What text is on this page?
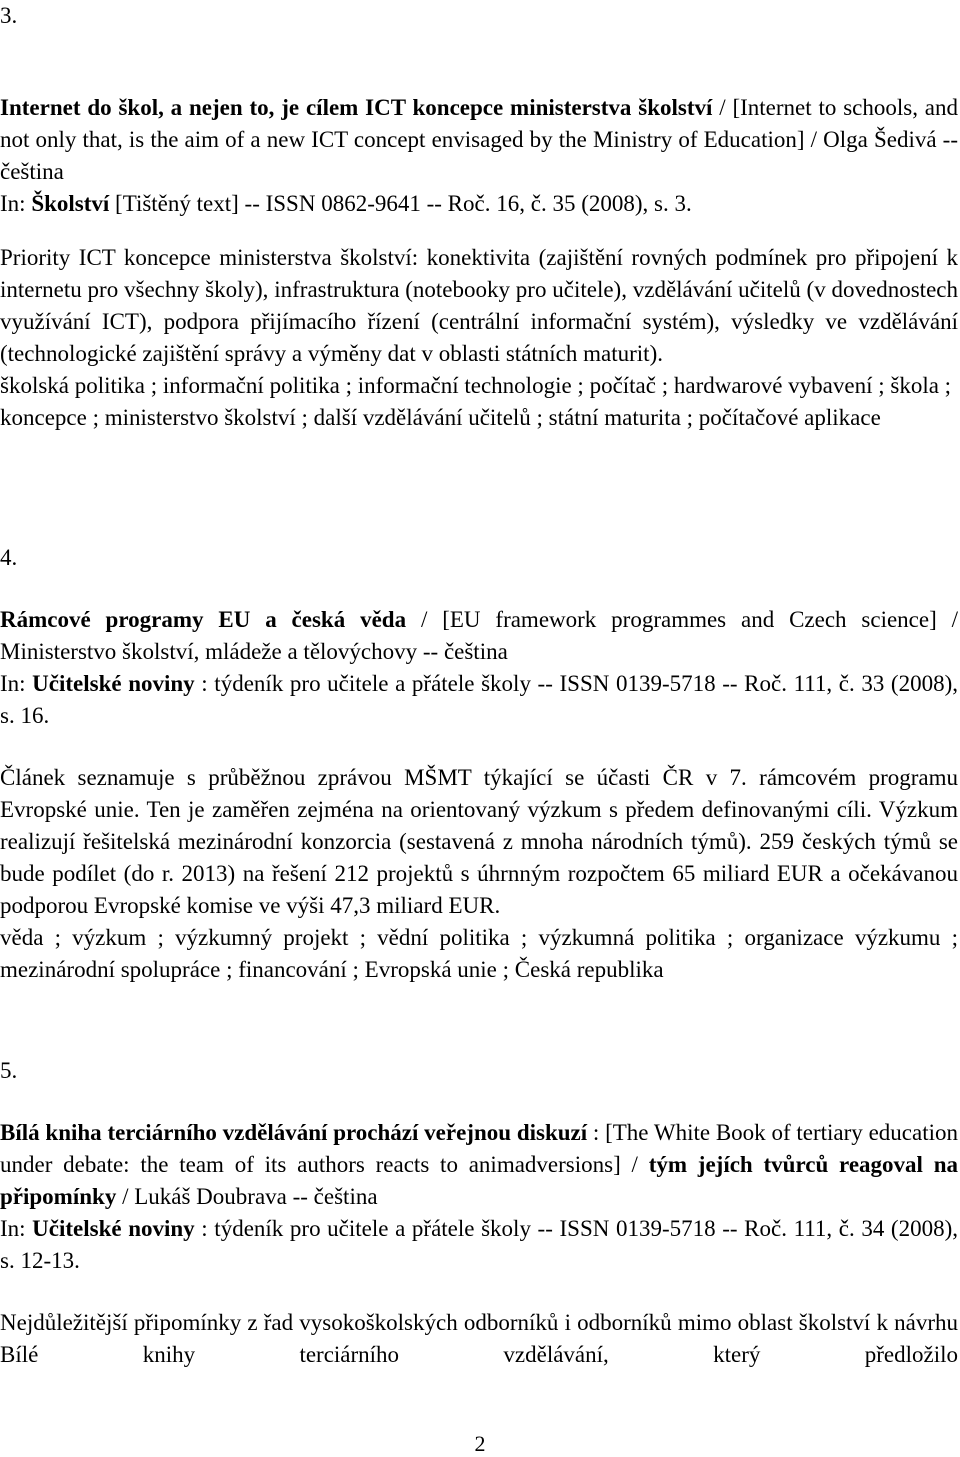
3.

Internet do škol, a nejen to, je cílem ICT koncepce ministerstva školství / [Internet to schools, and not only that, is the aim of a new ICT concept envisaged by the Ministry of Education] / Olga Šedivá -- čeština

In: Školství [Tištěný text] -- ISSN 0862-9641 -- Roč. 16, č. 35 (2008), s. 3.

Priority ICT koncepce ministerstva školství: konektivita (zajištění rovných podmínek pro připojení k internetu pro všechny školy), infrastruktura (notebooky pro učitele), vzdělávání učitelů (v dovednostech využívání ICT), podpora přijímacího řízení (centrální informační systém), výsledky ve vzdělávání (technologické zajištění správy a výměny dat v oblasti státních maturit).

školská politika ; informační politika ; informační technologie ; počítač ; hardwarové vybavení ; škola ; koncepce ; ministerstvo školství ; další vzdělávání učitelů ; státní maturita ; počítačové aplikace

4.

Rámcové programy EU a česká věda / [EU framework programmes and Czech science] / Ministerstvo školství, mládeže a tělovýchovy -- čeština

In: Učitelské noviny : týdeník pro učitele a přátele školy -- ISSN 0139-5718 -- Roč. 111, č. 33 (2008), s. 16.

Článek seznamuje s průběžnou zprávou MŠMT týkající se účasti ČR v 7. rámcovém programu Evropské unie. Ten je zaměřen zejména na orientovaný výzkum s předem definovanými cíli. Výzkum realizují řešitelská mezinárodní konzorcia (sestavená z mnoha národních týmů). 259 českých týmů se bude podílet (do r. 2013) na řešení 212 projektů s úhrnným rozpočtem 65 miliard EUR a očekávanou podporou Evropské komise ve výši 47,3 miliard EUR.

věda ; výzkum ; výzkumný projekt ; vědní politika ; výzkumná politika ; organizace výzkumu ; mezinárodní spolupráce ; financování ; Evropská unie ; Česká republika

5.

Bílá kniha terciárního vzdělávání prochází veřejnou diskuzí : [The White Book of tertiary education under debate: the team of its authors reacts to animadversions] / tým jejích tvůrců reagoval na připomínky / Lukáš Doubrava -- čeština

In: Učitelské noviny : týdeník pro učitele a přátele školy -- ISSN 0139-5718 -- Roč. 111, č. 34 (2008), s. 12-13.

Nejdůležitější připomínky z řad vysokoškolských odborníků i odborníků mimo oblast školství k návrhu Bílé knihy terciárního vzdělávání, který předložilo

2
